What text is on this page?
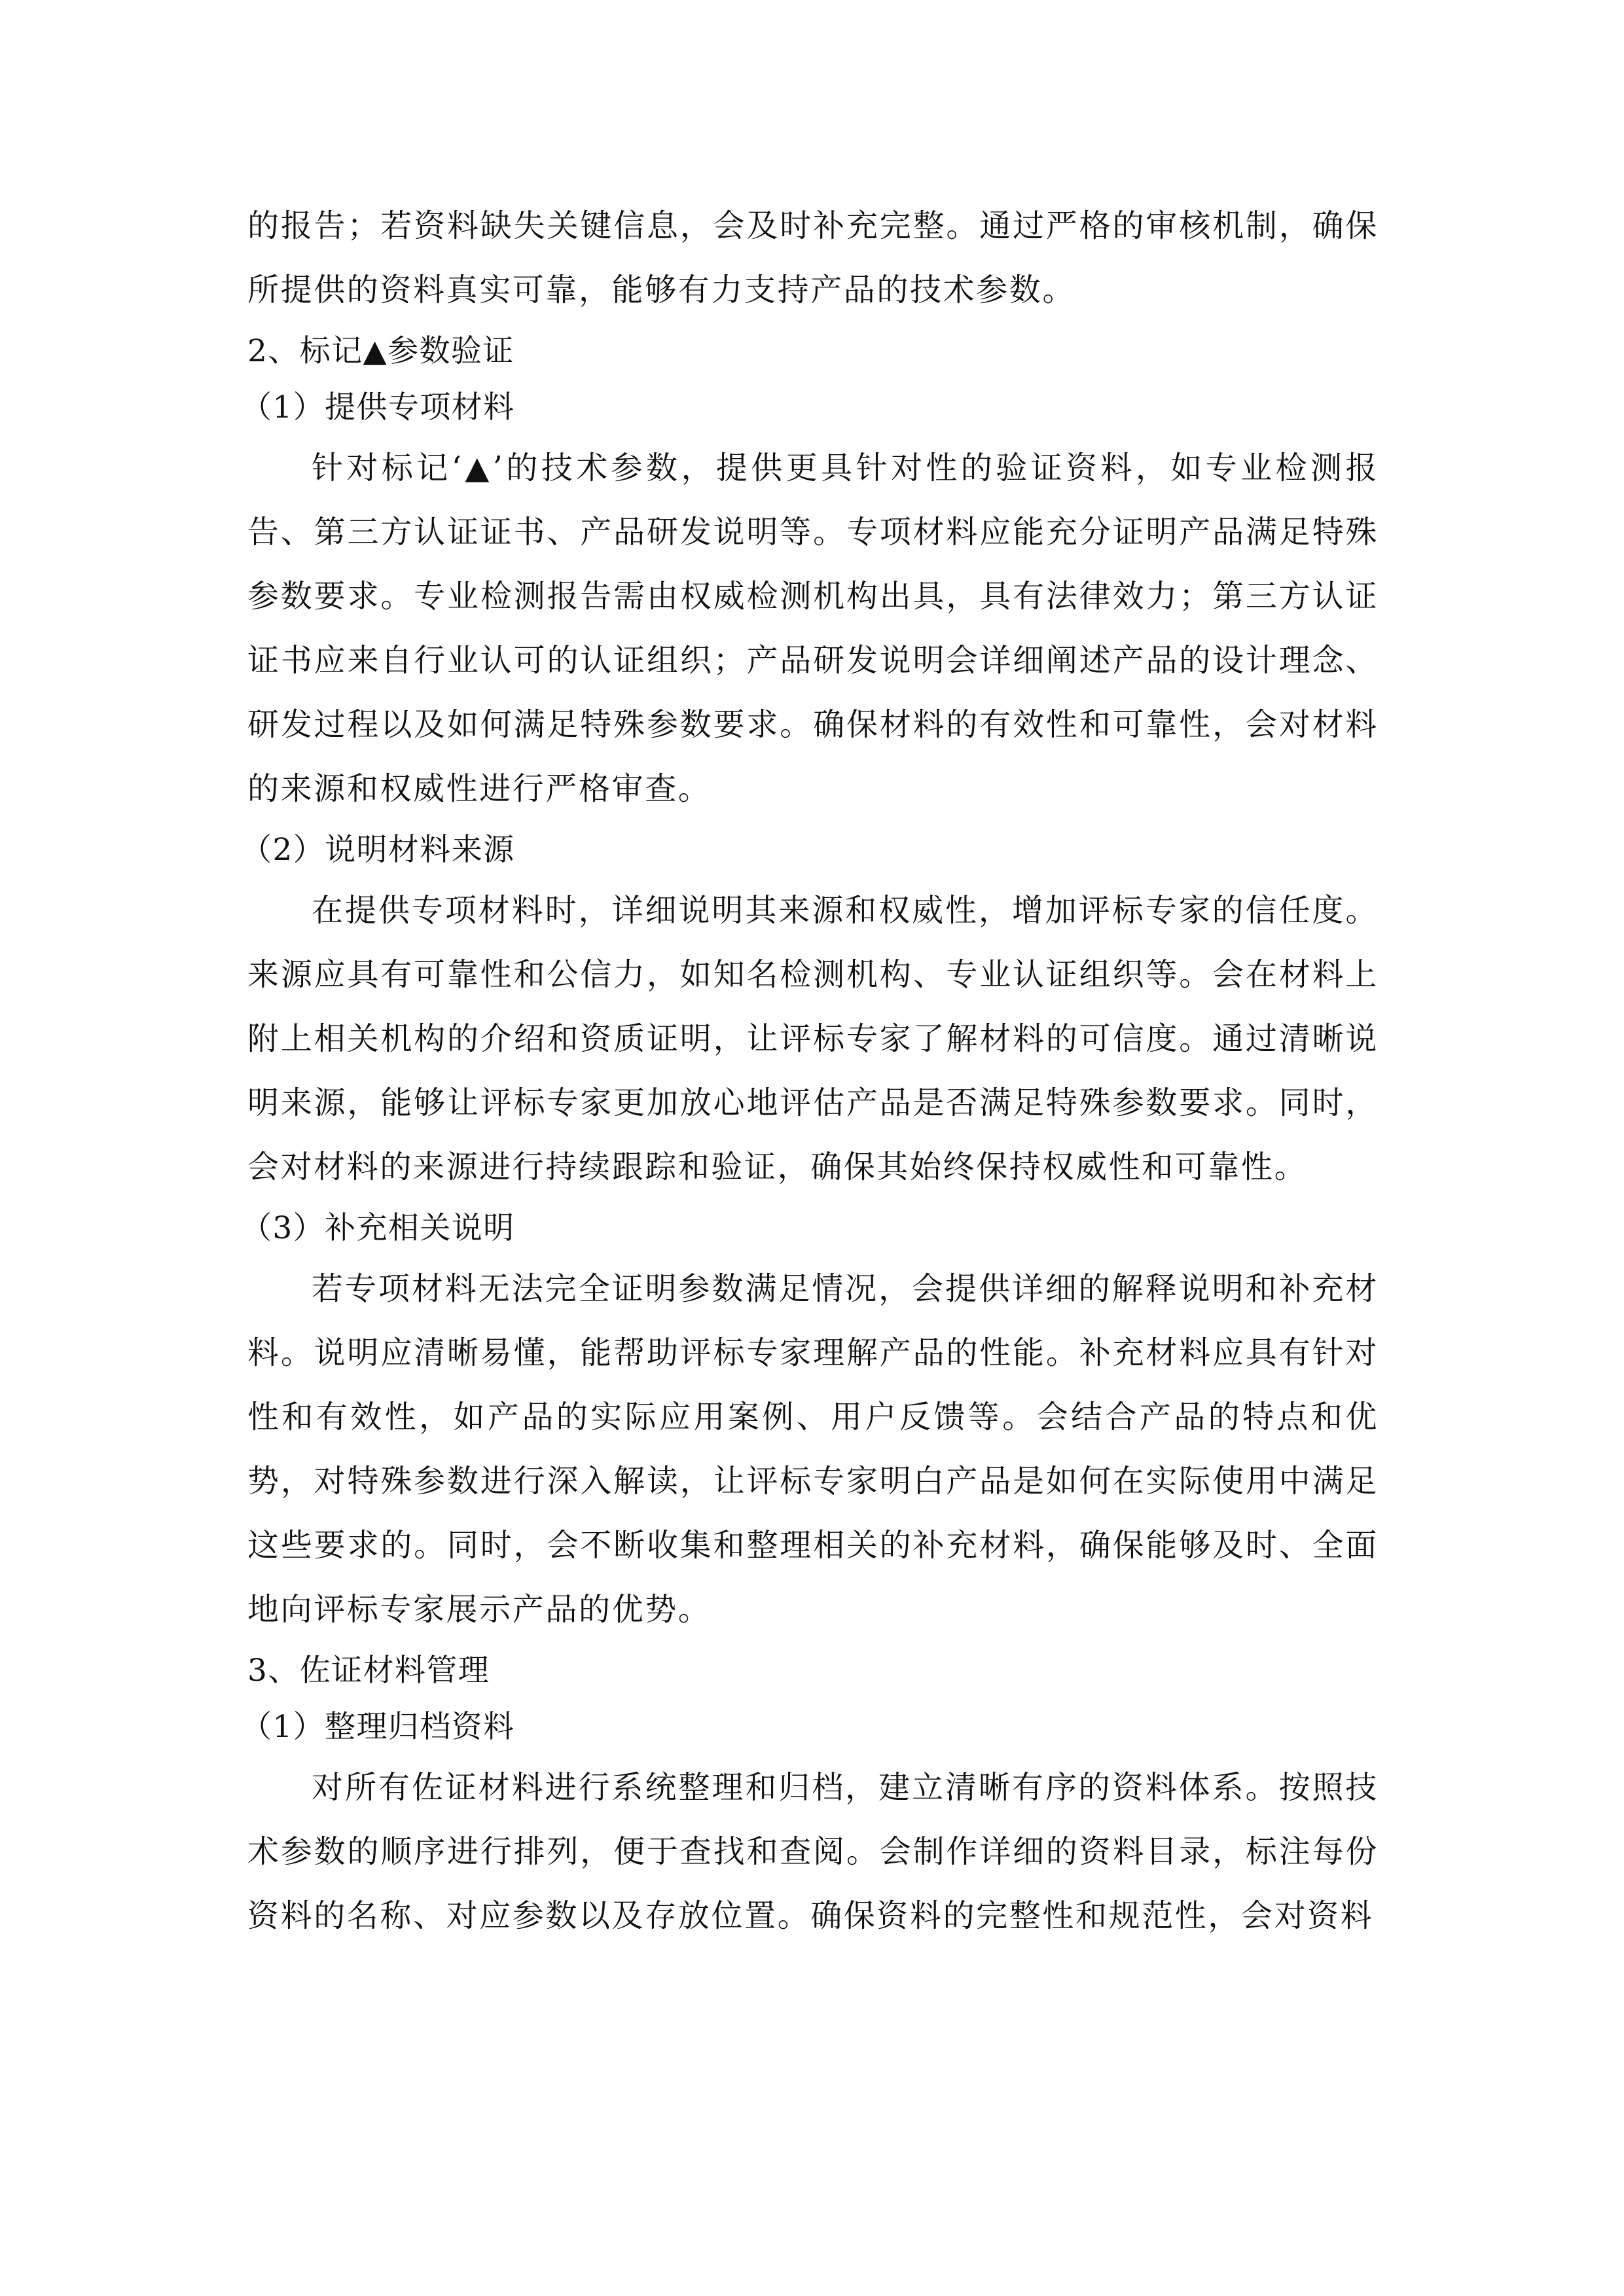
的报告；若资料缺失关键信息，会及时补充完整。通过严格的审核机制，确保所提供的资料真实可靠，能够有力支持产品的技术参数。

2、标记▲参数验证

（1）提供专项材料

针对标记‘▲’的技术参数，提供更具针对性的验证资料，如专业检测报告、第三方认证证书、产品研发说明等。专项材料应能充分证明产品满足特殊参数要求。专业检测报告需由权威检测机构出具，具有法律效力；第三方认证证书应来自行业认可的认证组织；产品研发说明会详细阐述产品的设计理念、研发过程以及如何满足特殊参数要求。确保材料的有效性和可靠性，会对材料的来源和权威性进行严格审查。

（2）说明材料来源

在提供专项材料时，详细说明其来源和权威性，增加评标专家的信任度。来源应具有可靠性和公信力，如知名检测机构、专业认证组织等。会在材料上附上相关机构的介绍和资质证明，让评标专家了解材料的可信度。通过清晰说明来源，能够让评标专家更加放心地评估产品是否满足特殊参数要求。同时，会对材料的来源进行持续跟踪和验证，确保其始终保持权威性和可靠性。

（3）补充相关说明

若专项材料无法完全证明参数满足情况，会提供详细的解释说明和补充材料。说明应清晰易懂，能帮助评标专家理解产品的性能。补充材料应具有针对性和有效性，如产品的实际应用案例、用户反馈等。会结合产品的特点和优势，对特殊参数进行深入解读，让评标专家明白产品是如何在实际使用中满足这些要求的。同时，会不断收集和整理相关的补充材料，确保能够及时、全面地向评标专家展示产品的优势。

3、佐证材料管理

（1）整理归档资料

对所有佐证材料进行系统整理和归档，建立清晰有序的资料体系。按照技术参数的顺序进行排列，便于查找和查阅。会制作详细的资料目录，标注每份资料的名称、对应参数以及存放位置。确保资料的完整性和规范性，会对资料
